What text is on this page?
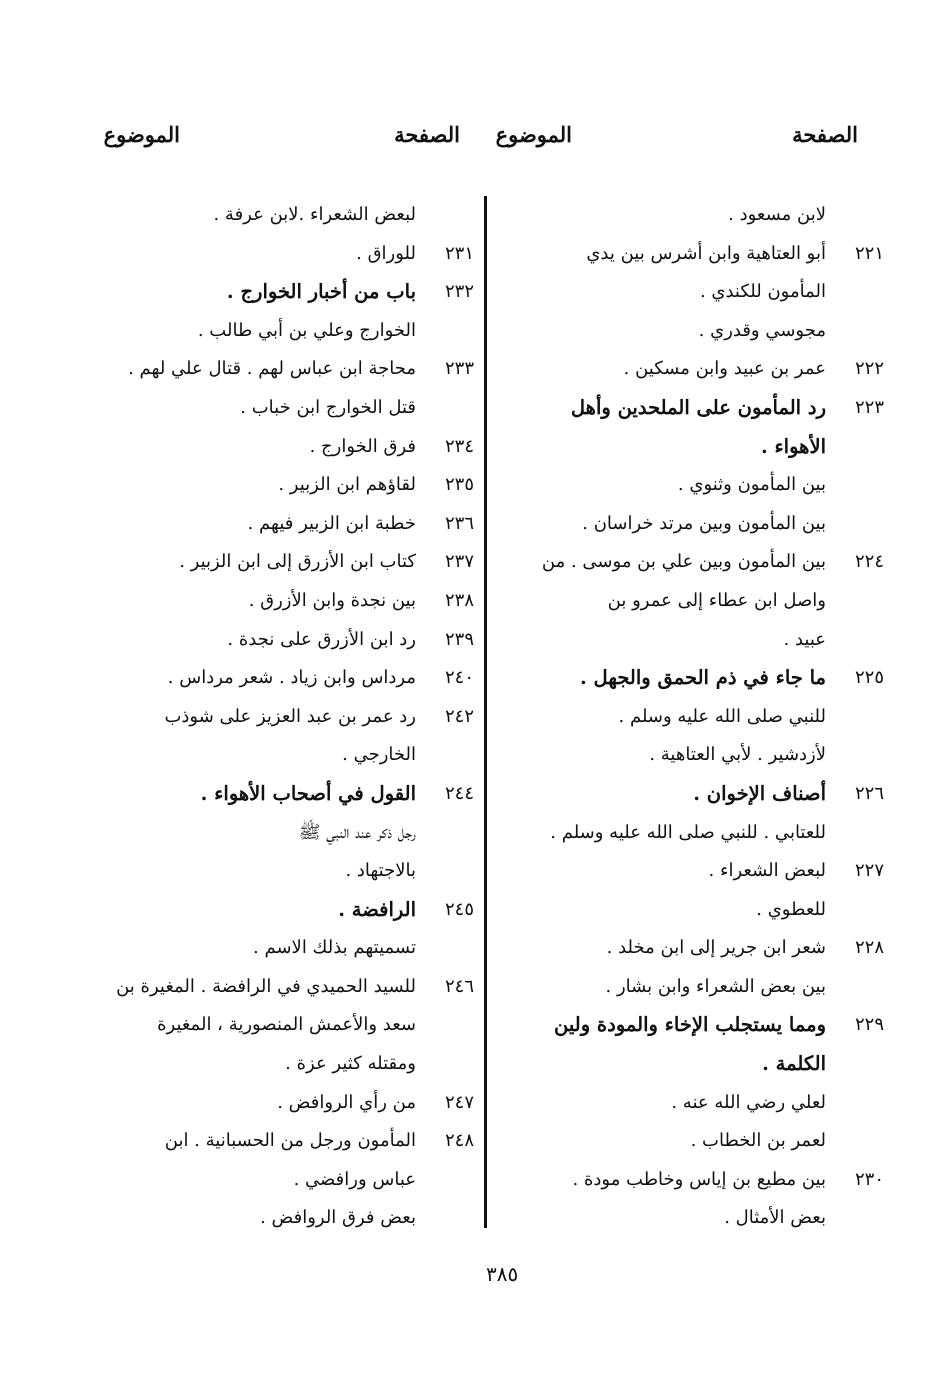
الصفحة
الموضوع
الصفحة
الموضوع
لابن مسعود .
٢٢١
أبو العتاهية وابن أشرس بين يدي
المأمون للكندي .
مجوسي وقدري .
٢٢٢
عمر بن عبيد وابن مسكين .
٢٢٣
رد المأمون على الملحدين وأهل
الأهواء .
بين المأمون وثنوي .
بين المأمون وبين مرتد خراسان .
٢٢٤
بين المأمون وبين علي بن موسى . من
واصل ابن عطاء إلى عمرو بن
عبيد .
٢٢٥
ما جاء في ذم الحمق والجهل .
للنبي صلى الله عليه وسلم .
لأزدشير . لأبي العتاهية .
٢٢٦
أصناف الإخوان .
للعتابي . للنبي صلى الله عليه وسلم .
٢٢٧
لبعض الشعراء .
للعطوي .
٢٢٨
شعر ابن جرير إلى ابن مخلد .
بين بعض الشعراء وابن بشار .
٢٢٩
ومما يستجلب الإخاء والمودة ولين
الكلمة .
لعلي رضي الله عنه .
لعمر بن الخطاب .
٢٣٠
بين مطيع بن إياس وخاطب مودة .
بعض الأمثال .
لبعض الشعراء .لابن عرفة .
٢٣١
للوراق .
٢٣٢
باب من أخبار الخوارج .
الخوارج وعلي بن أبي طالب .
٢٣٣
محاجة ابن عباس لهم . قتال علي لهم .
قتل الخوارج ابن خباب .
٢٣٤
فرق الخوارج .
٢٣٥
لقاؤهم ابن الزبير .
٢٣٦
خطبة ابن الزبير فيهم .
٢٣٧
كتاب ابن الأزرق إلى ابن الزبير .
٢٣٨
بين نجدة وابن الأزرق .
٢٣٩
رد ابن الأزرق على نجدة .
٢٤٠
مرداس وابن زياد . شعر مرداس .
٢٤٢
رد عمر بن عبد العزيز على شوذب
الخارجي .
٢٤٤
القول في أصحاب الأهواء .
رجل ذكر عند النبي ﷺ
بالاجتهاد .
٢٤٥
الرافضة .
تسميتهم بذلك الاسم .
٢٤٦
للسيد الحميدي في الرافضة . المغيرة بن
سعد والأعمش المنصورية ، المغيرة
ومقتله كثير عزة .
٢٤٧
من رأي الروافض .
٢٤٨
المأمون ورجل من الحسبانية . ابن
عباس ورافضي .
بعض فرق الروافض .
٣٨٥
